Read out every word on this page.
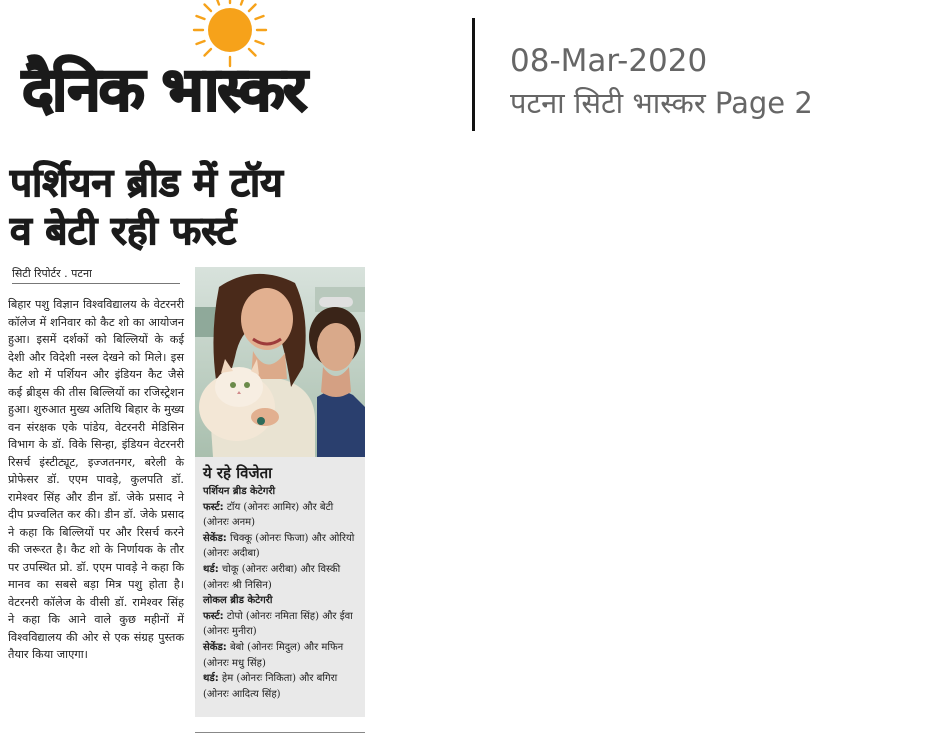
दैनिक भास्कर	08-Mar-2020
पटना सिटी भास्कर Page 2
पर्शियन ब्रीड में टॉय
व बेटी रही फर्स्ट
सिटी रिपोर्टर . पटना
बिहार पशु विज्ञान विश्वविद्यालय के वेटरनरी कॉलेज में शनिवार को कैट शो का आयोजन हुआ। इसमें दर्शकों को बिल्लियों के कई देशी और विदेशी नस्ल देखने को मिले। इस कैट शो में पर्शियन और इंडियन कैट जैसे कई ब्रीड्स की तीस बिल्लियों का रजिस्ट्रेशन हुआ। शुरुआत मुख्य अतिथि बिहार के मुख्य वन संरक्षक एके पांडेय, वेटरनरी मेडिसिन विभाग के डॉ. विके सिन्हा, इंडियन वेटरनरी रिसर्च इंस्टीट्यूट, इज्जतनगर, बरेली के प्रोफेसर डॉ. एएम पावड़े, कुलपति डॉ. रामेश्वर सिंह और डीन डॉ. जेके प्रसाद ने दीप प्रज्वलित कर की। डीन डॉ. जेके प्रसाद ने कहा कि बिल्लियों पर और रिसर्च करने की जरूरत है। कैट शो के निर्णायक के तौर पर उपस्थित प्रो. डॉ. एएम पावड़े ने कहा कि मानव का सबसे बड़ा मित्र पशु होता है। वेटरनरी कॉलेज के वीसी डॉ. रामेश्वर सिंह ने कहा कि आने वाले कुछ महीनों में विश्वविद्यालय की ओर से एक संग्रह पुस्तक तैयार किया जाएगा।
ये रहे विजेता

पर्शियन ब्रीड केटेगरी

फर्स्ट: टॉय (ओनरः आमिर) और बेटी (ओनरः अनम)

सेकेंड: चिक्कू (ओनरः फिजा) और ओरियो (ओनरः अदीबा)

थर्ड: चोकू (ओनरः अरीबा) और विस्की (ओनरः श्री निसिन)

लोकल ब्रीड केटेगरी

फर्स्ट: टोपो (ओनरः नमिता सिंह) और ईवा (ओनरः मुनीरा)

सेकेंड: बेबो (ओनरः मिदुल) और मफिन (ओनरः मधु सिंह)

थर्ड: हेम (ओनरः निकिता) और बगिरा (ओनरः आदित्य सिंह)
